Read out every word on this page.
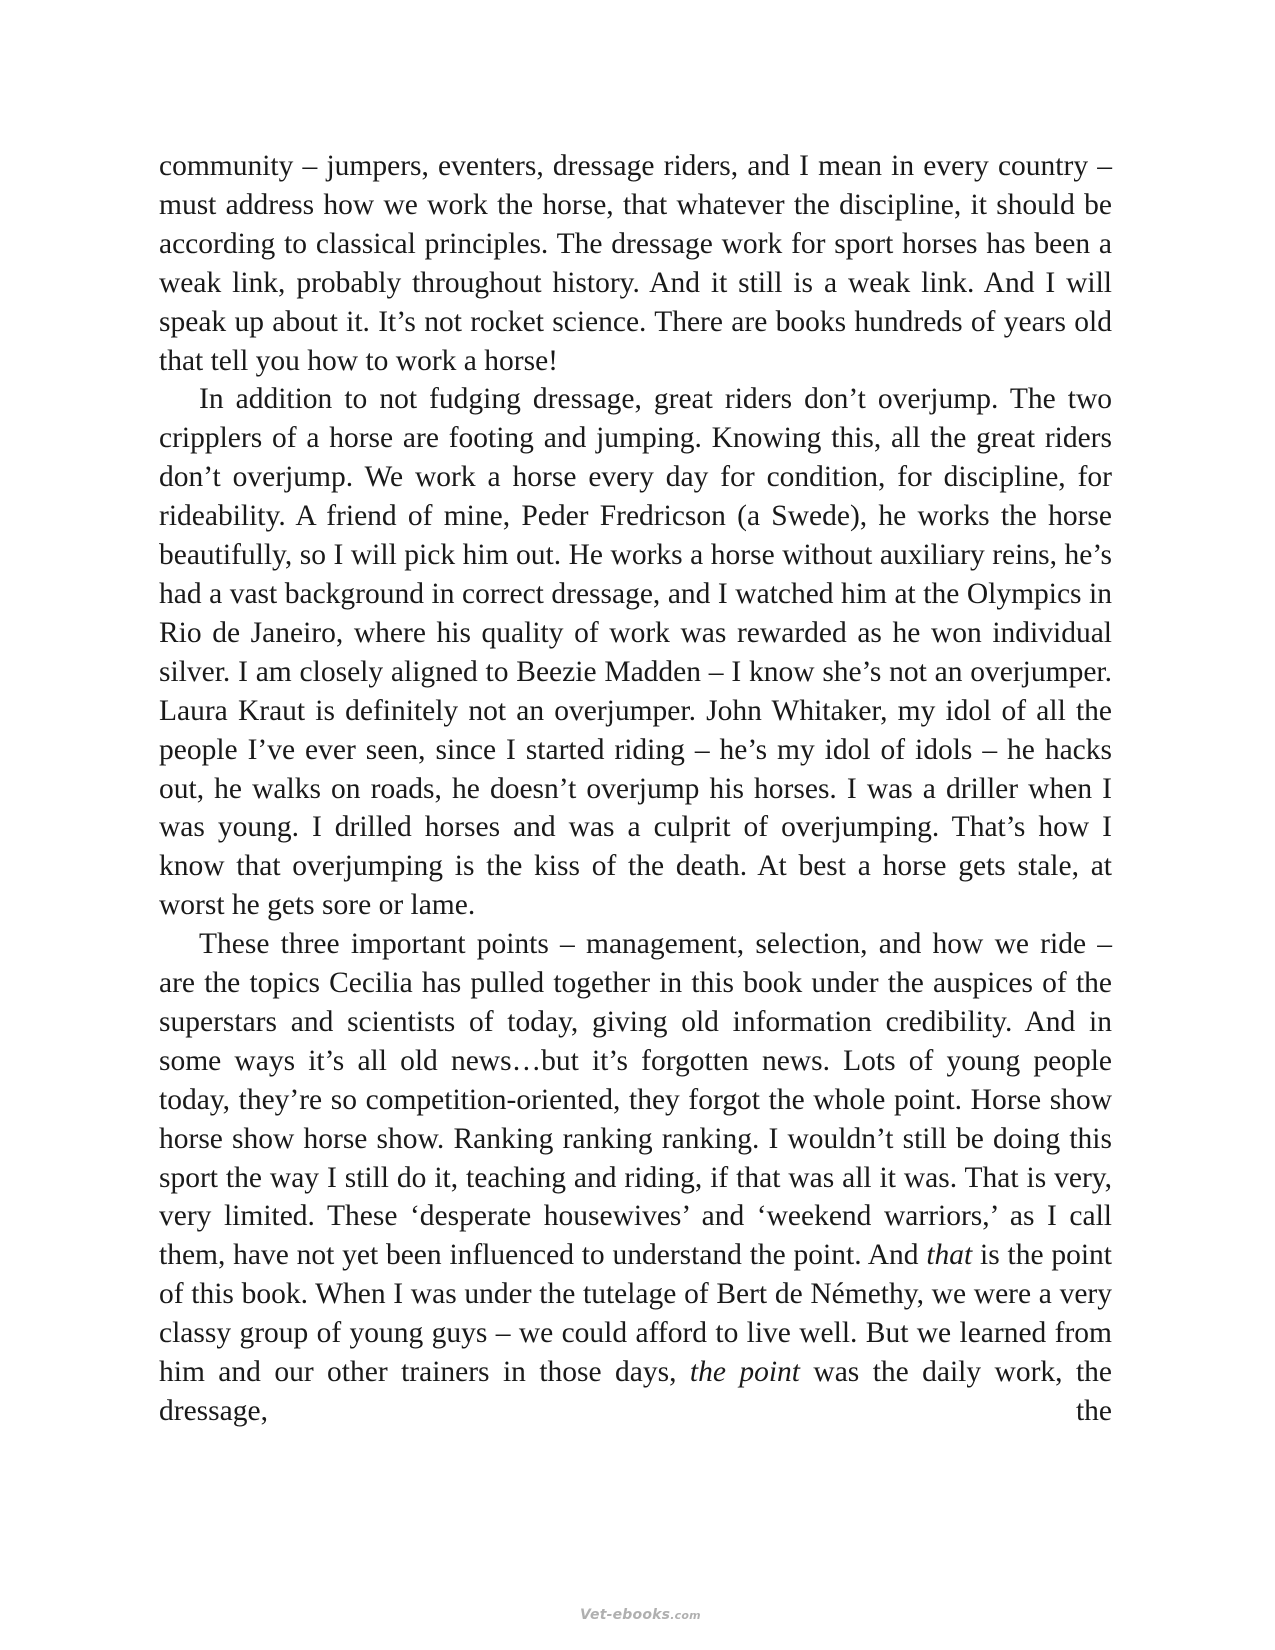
community – jumpers, eventers, dressage riders, and I mean in every country – must address how we work the horse, that whatever the discipline, it should be according to classical principles. The dressage work for sport horses has been a weak link, probably throughout history. And it still is a weak link. And I will speak up about it. It’s not rocket science. There are books hundreds of years old that tell you how to work a horse!

In addition to not fudging dressage, great riders don’t overjump. The two cripplers of a horse are footing and jumping. Knowing this, all the great riders don’t overjump. We work a horse every day for condition, for discipline, for rideability. A friend of mine, Peder Fredricson (a Swede), he works the horse beautifully, so I will pick him out. He works a horse without auxiliary reins, he’s had a vast background in correct dressage, and I watched him at the Olympics in Rio de Janeiro, where his quality of work was rewarded as he won individual silver. I am closely aligned to Beezie Madden – I know she’s not an overjumper. Laura Kraut is definitely not an overjumper. John Whitaker, my idol of all the people I’ve ever seen, since I started riding – he’s my idol of idols – he hacks out, he walks on roads, he doesn’t overjump his horses. I was a driller when I was young. I drilled horses and was a culprit of overjumping. That’s how I know that overjumping is the kiss of the death. At best a horse gets stale, at worst he gets sore or lame.

These three important points – management, selection, and how we ride – are the topics Cecilia has pulled together in this book under the auspices of the superstars and scientists of today, giving old information credibility. And in some ways it’s all old news…but it’s forgotten news. Lots of young people today, they’re so competition-oriented, they forgot the whole point. Horse show horse show horse show. Ranking ranking ranking. I wouldn’t still be doing this sport the way I still do it, teaching and riding, if that was all it was. That is very, very limited. These ‘desperate housewives’ and ‘weekend warriors,’ as I call them, have not yet been influenced to understand the point. And that is the point of this book. When I was under the tutelage of Bert de Némethy, we were a very classy group of young guys – we could afford to live well. But we learned from him and our other trainers in those days, the point was the daily work, the dressage, the

Vet-ebooks.com
